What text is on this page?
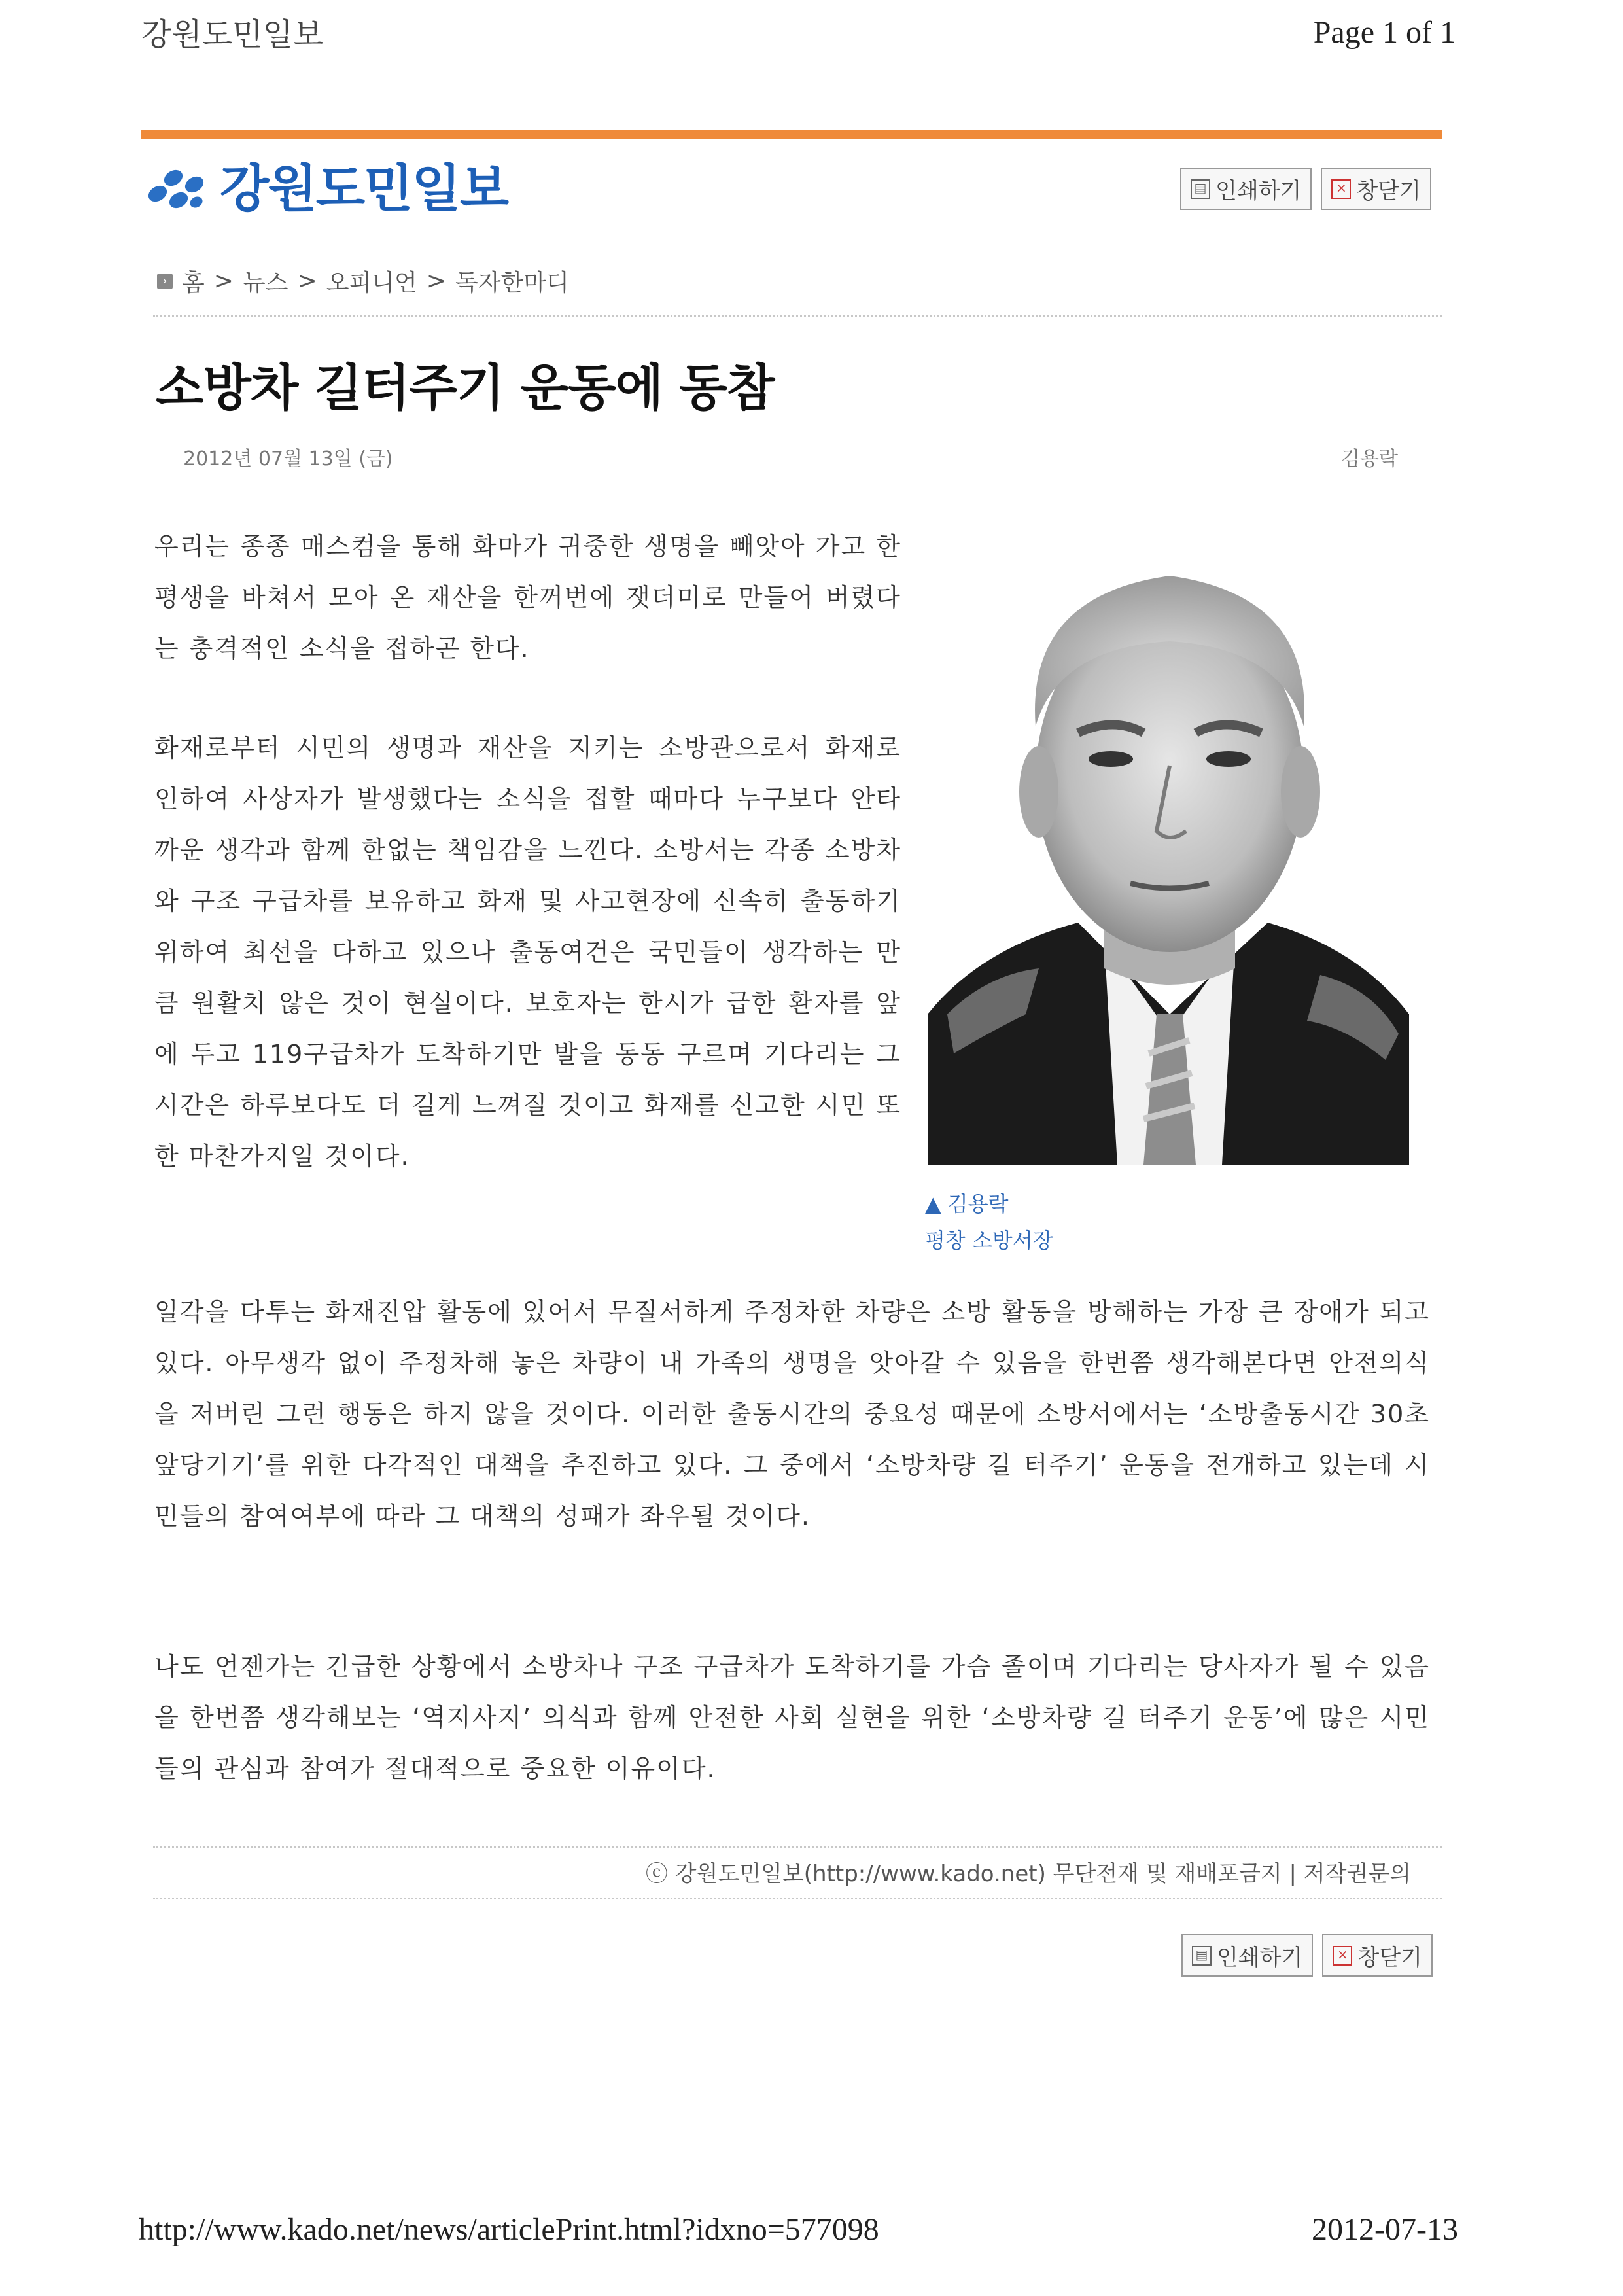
강원도민일보	Page 1 of 1
강원도민일보	▤ 인쇄하기	× 창닫기
› 홈 > 뉴스 > 오피니언 > 독자한마디
소방차 길터주기 운동에 동참
2012년 07월 13일 (금)	김용락
우리는 종종 매스컴을 통해 화마가 귀중한 생명을 빼앗아 가고 한평생을 바쳐서 모아 온 재산을 한꺼번에 잿더미로 만들어 버렸다는 충격적인 소식을 접하곤 한다.
화재로부터 시민의 생명과 재산을 지키는 소방관으로서 화재로 인하여 사상자가 발생했다는 소식을 접할 때마다 누구보다 안타까운 생각과 함께 한없는 책임감을 느낀다. 소방서는 각종 소방차와 구조 구급차를 보유하고 화재 및 사고현장에 신속히 출동하기 위하여 최선을 다하고 있으나 출동여건은 국민들이 생각하는 만큼 원활치 않은 것이 현실이다. 보호자는 한시가 급한 환자를 앞에 두고 119구급차가 도착하기만 발을 동동 구르며 기다리는 그 시간은 하루보다도 더 길게 느껴질 것이고 화재를 신고한 시민 또한 마찬가지일 것이다.
▲ 김용락
평창 소방서장
일각을 다투는 화재진압 활동에 있어서 무질서하게 주정차한 차량은 소방 활동을 방해하는 가장 큰 장애가 되고 있다. 아무생각 없이 주정차해 놓은 차량이 내 가족의 생명을 앗아갈 수 있음을 한번쯤 생각해본다면 안전의식을 저버린 그런 행동은 하지 않을 것이다. 이러한 출동시간의 중요성 때문에 소방서에서는 ‘소방출동시간 30초 앞당기기’를 위한 다각적인 대책을 추진하고 있다. 그 중에서 ‘소방차량 길 터주기’ 운동을 전개하고 있는데 시민들의 참여여부에 따라 그 대책의 성패가 좌우될 것이다.
나도 언젠가는 긴급한 상황에서 소방차나 구조 구급차가 도착하기를 가슴 졸이며 기다리는 당사자가 될 수 있음을 한번쯤 생각해보는 ‘역지사지’ 의식과 함께 안전한 사회 실현을 위한 ‘소방차량 길 터주기 운동’에 많은 시민들의 관심과 참여가 절대적으로 중요한 이유이다.
ⓒ 강원도민일보(http://www.kado.net) 무단전재 및 재배포금지 | 저작권문의
▤ 인쇄하기	× 창닫기
http://www.kado.net/news/articlePrint.html?idxno=577098	2012-07-13
